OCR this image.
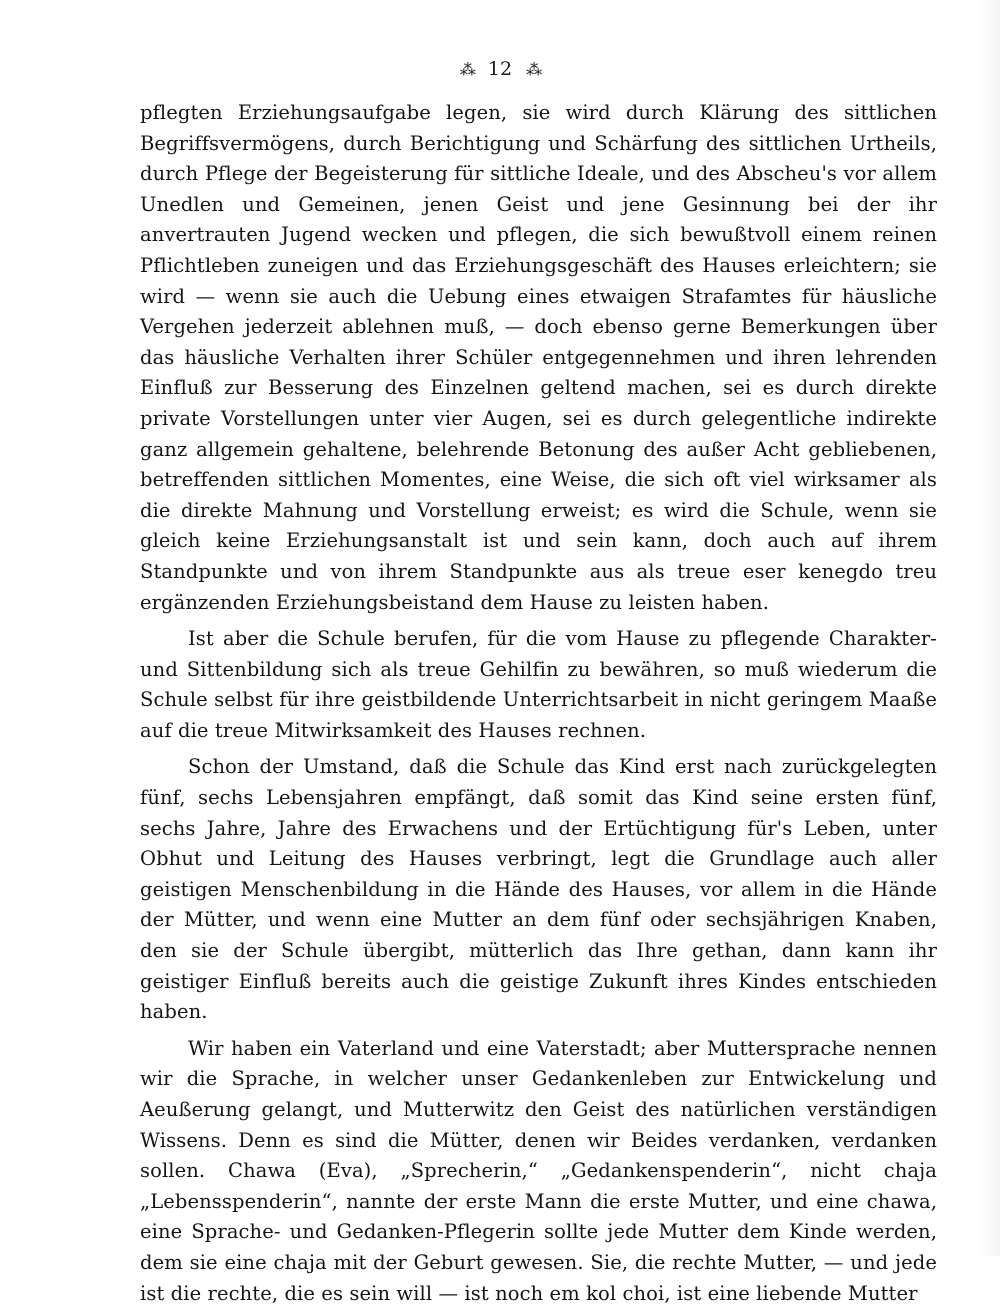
⁂ 12 ⁂

pflegten Erziehungsaufgabe legen, sie wird durch Klärung des sittlichen Begriffsvermögens, durch Berichtigung und Schärfung des sittlichen Urtheils, durch Pflege der Begeisterung für sittliche Ideale, und des Abscheu's vor allem Unedlen und Gemeinen, jenen Geist und jene Gesinnung bei der ihr anvertrauten Jugend wecken und pflegen, die sich bewußtvoll einem reinen Pflichtleben zuneigen und das Erziehungsgeschäft des Hauses erleichtern; sie wird — wenn sie auch die Uebung eines etwaigen Strafamtes für häusliche Vergehen jederzeit ablehnen muß, — doch ebenso gerne Bemerkungen über das häusliche Verhalten ihrer Schüler entgegennehmen und ihren lehrenden Einfluß zur Besserung des Einzelnen geltend machen, sei es durch direkte private Vorstellungen unter vier Augen, sei es durch gelegentliche indirekte ganz allgemein gehaltene, belehrende Betonung des außer Acht gebliebenen, betreffenden sittlichen Momentes, eine Weise, die sich oft viel wirksamer als die direkte Mahnung und Vorstellung erweist; es wird die Schule, wenn sie gleich keine Erziehungsanstalt ist und sein kann, doch auch auf ihrem Standpunkte und von ihrem Standpunkte aus als treue eser kenegdo treu ergänzenden Erziehungsbeistand dem Hause zu leisten haben.

Ist aber die Schule berufen, für die vom Hause zu pflegende Charakter- und Sittenbildung sich als treue Gehilfin zu bewähren, so muß wiederum die Schule selbst für ihre geistbildende Unterrichtsarbeit in nicht geringem Maaße auf die treue Mitwirksamkeit des Hauses rechnen.

Schon der Umstand, daß die Schule das Kind erst nach zurückgelegten fünf, sechs Lebensjahren empfängt, daß somit das Kind seine ersten fünf, sechs Jahre, Jahre des Erwachens und der Ertüchtigung für's Leben, unter Obhut und Leitung des Hauses verbringt, legt die Grundlage auch aller geistigen Menschenbildung in die Hände des Hauses, vor allem in die Hände der Mütter, und wenn eine Mutter an dem fünf oder sechsjährigen Knaben, den sie der Schule übergibt, mütterlich das Ihre gethan, dann kann ihr geistiger Einfluß bereits auch die geistige Zukunft ihres Kindes entschieden haben.

Wir haben ein Vaterland und eine Vaterstadt; aber Muttersprache nennen wir die Sprache, in welcher unser Gedankenleben zur Entwickelung und Aeußerung gelangt, und Mutterwitz den Geist des natürlichen verständigen Wissens. Denn es sind die Mütter, denen wir Beides verdanken, verdanken sollen. Chawa (Eva), „Sprecherin,“ „Gedankenspenderin“, nicht chaja „Lebensspenderin“, nannte der erste Mann die erste Mutter, und eine chawa, eine Sprache- und Gedanken-Pflegerin sollte jede Mutter dem Kinde werden, dem sie eine chaja mit der Geburt gewesen. Sie, die rechte Mutter, — und jede ist die rechte, die es sein will — ist noch em kol choi, ist eine liebende Mutter
